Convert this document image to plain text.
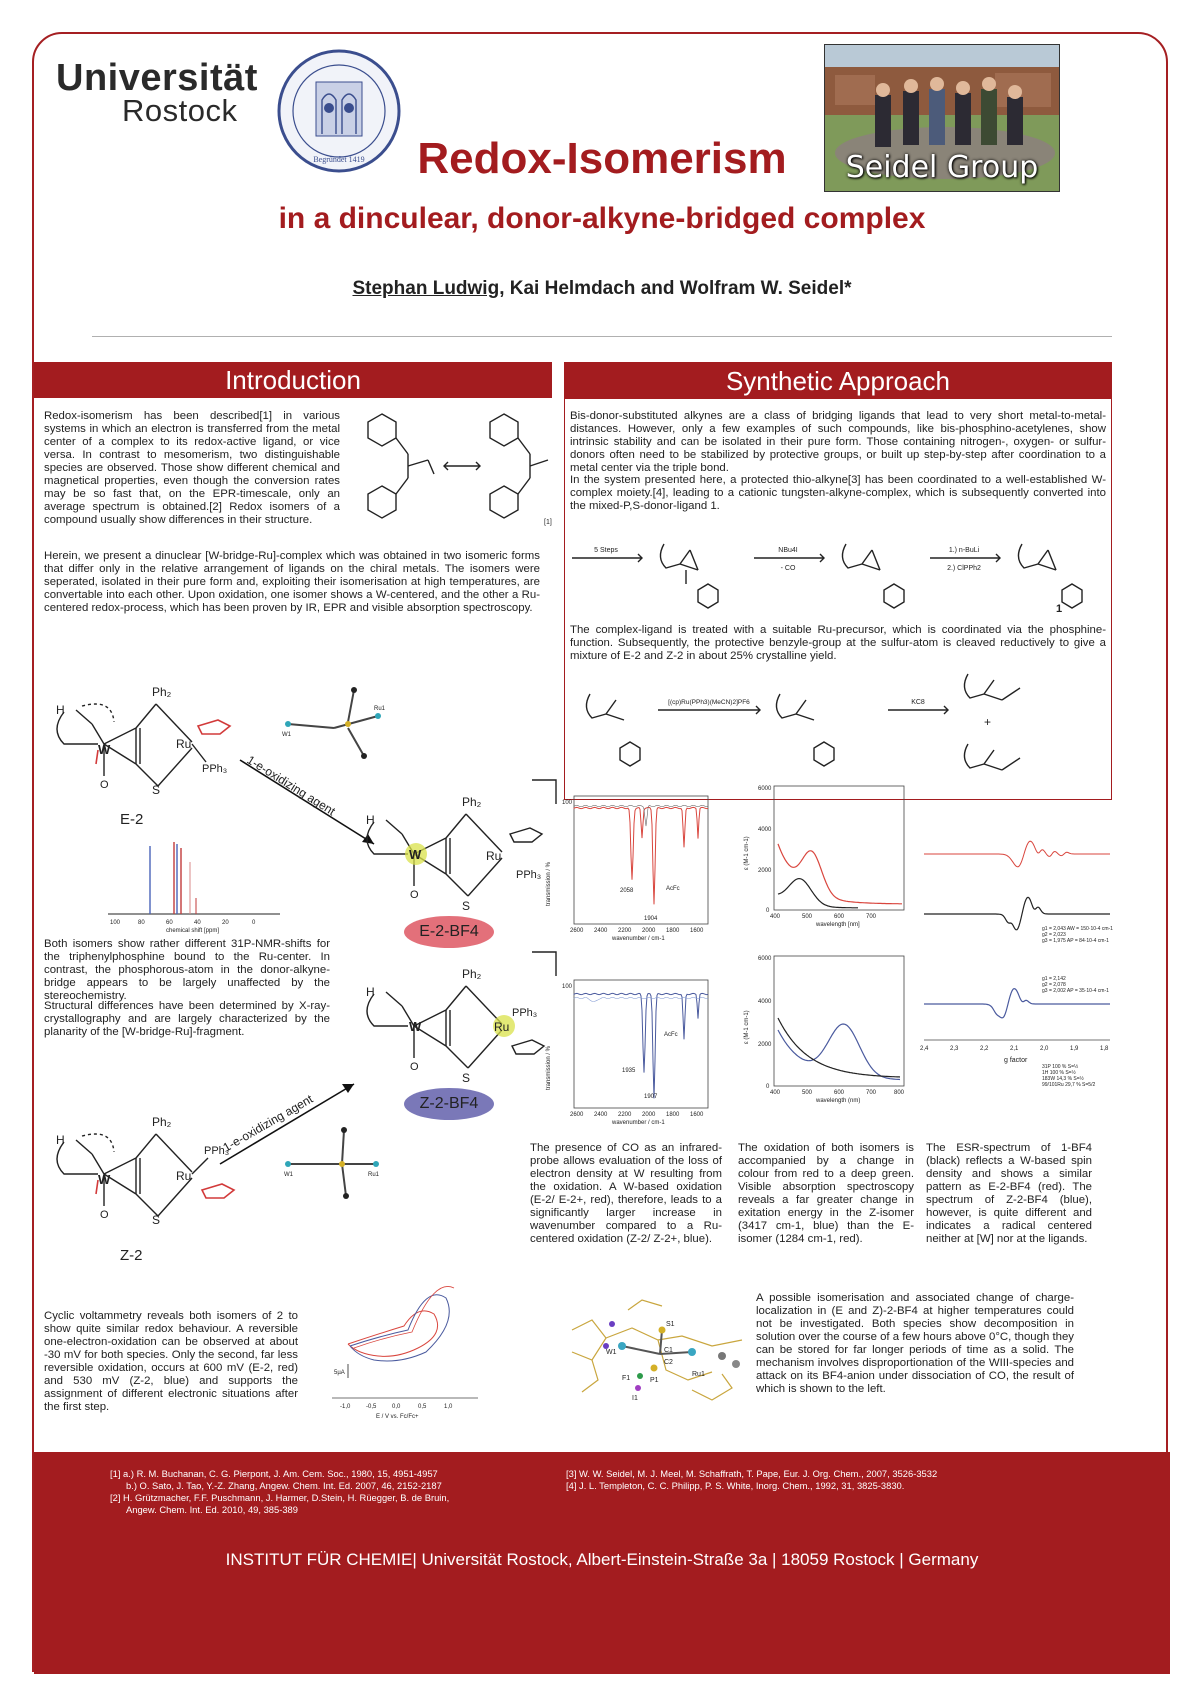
Universität
Rostock
Begründet 1419	Seidel Group
Redox-Isomerism
in a dinculear, donor-alkyne-bridged complex
Stephan Ludwig, Kai Helmdach and Wolfram W. Seidel*
Introduction
Redox-isomerism has been described[1] in various systems in which an electron is transferred from the metal center of a complex to its redox-active ligand, or vice versa. In contrast to mesomerism, two distinguishable species are observed. Those show different chemical and magnetical properties, even though the conversion rates may be so fast that, on the EPR-timescale, only an average spectrum is obtained.[2] Redox isomers of a compound usually show differences in their structure.
Herein, we present a dinuclear [W-bridge-Ru]-complex which was obtained in two isomeric forms that differ only in the relative arrangement of ligands on the chiral metals. The isomers were seperated, isolated in their pure form and, exploiting their isomerisation at high temperatures, are convertable into each other. Upon oxidation, one isomer shows a W-centered, and the other a Ru-centered redox-process, which has been proven by IR, EPR and visible absorption spectroscopy.
[1]
Synthetic Approach
Bis-donor-substituted alkynes are a class of bridging ligands that lead to very short metal-to-metal-distances. However, only a few examples of such compounds, like bis-phosphino-acetylenes, show intrinsic stability and can be isolated in their pure form. Those containing nitrogen-, oxygen- or sulfur-donors often need to be stabilized by protective groups, or built up step-by-step after coordination to a metal center via the triple bond.
In the system presented here, a protected thio-alkyne[3] has been coordinated to a well-established W-complex moiety.[4], leading to a cationic tungsten-alkyne-complex, which is subsequently converted into the mixed-P,S-donor-ligand 1.
5 Steps	NBu4I
- CO
1.) n-BuLi
2.) ClPPh2
1
The complex-ligand is treated with a suitable Ru-precursor, which is coordinated via the phosphine-function. Subsequently, the protective benzyle-group at the sulfur-atom is cleaved reductively to give a mixture of E-2 and Z-2 in about 25% crystalline yield.
[(cp)Ru(PPh3)(MeCN)2]PF6	KC8
+
H
Ph₂
Ru
PPh₃
S
W
O
E-2
W1
Ru1
1-e-oxidizing agent
1-e-oxidizing agent
H
Ph₂
Ru
PPh₃
S
W
O
E-2-BF4
100	80	60	40	20	0
chemical shift [ppm]
Both isomers show rather different 31P-NMR-shifts for the triphenylphosphine bound to the Ru-center. In contrast, the phosphorous-atom in the donor-alkyne-bridge appears to be largely unaffected by the stereochemistry.
Structural differences have been determined by X-ray-crystallography and are largely characterized by the planarity of the [W-bridge-Ru]-fragment.
H
Ph₂
Ru
PPh₃
S
W
O
Z-2-BF4
H
Ph₂
Ru
PPh₃
S
W
O
Z-2
W1	Ru1
100
100
transmission / %
transmission / %
2058
1904
AcFc
1935
1907
AcFc
2600 2400 2200 2000 1800 1600
2600 2400 2200 2000 1800 1600
wavenumber / cm-1
wavenumber / cm-1
6000
4000
2000
0
6000
4000
2000
0
400	500	600	700
400	500	600	700	800
ε (M-1 cm-1)
ε (M-1 cm-1)
wavelength [nm]
wavelength (nm)
2,4	2,3	2,2	2,1	2,0	1,9	1,8
g factor
g1 = 2,043 AW = 150·10-4 cm-1
g2 = 2,023
g3 = 1,975 AP = 84·10-4 cm-1
g1 = 2,142
g2 = 2,078
g3 = 2,002 AP = 35·10-4 cm-1
31P 100 % S=½
1H 100 % S=½
183W 14,3 % S=½
99/101Ru 29,7 % S=5/2
The presence of CO as an infrared-probe allows evaluation of the loss of electron density at W resulting from the oxidation. A W-based oxidation (E-2/ E-2+, red), therefore, leads to a significantly larger increase in wavenumber compared to a Ru-centered oxidation (Z-2/ Z-2+, blue).
The oxidation of both isomers is accompanied by a change in colour from red to a deep green. Visible absorption spectroscopy reveals a far greater change in exitation energy in the Z-isomer (3417 cm-1, blue) than the E-isomer (1284 cm-1, red).
The ESR-spectrum of 1-BF4 (black) reflects a W-based spin density and shows a similar pattern as E-2-BF4 (red). The spectrum of Z-2-BF4 (blue), however, is quite different and indicates a radical centered neither at [W] nor at the ligands.
Cyclic voltammetry reveals both isomers of 2 to show quite similar redox behaviour. A reversible one-electron-oxidation can be observed at about -30 mV for both species. Only the second, far less reversible oxidation, occurs at 600 mV (E-2, red) and 530 mV (Z-2, blue) and supports the assignment of different electronic situations after the first step.
5µA
-1,0	-0,5	0,0	0,5	1,0
E / V vs. Fc/Fc+
S1
W1	C1
C2
F1	P1
Ru1
I1
A possible isomerisation and associated change of charge-localization in (E and Z)-2-BF4 at higher temperatures could not be investigated. Both species show decomposition in solution over the course of a few hours above 0°C, though they can be stored for far longer periods of time as a solid. The mechanism involves disproportionation of the WIII-species and attack on its BF4-anion under dissociation of CO, the result of which is shown to the left.
[1] a.) R. M. Buchanan, C. G. Pierpont, J. Am. Cem. Soc., 1980, 15, 4951-4957
b.) O. Sato, J. Tao, Y.-Z. Zhang, Angew. Chem. Int. Ed. 2007, 46, 2152-2187
[2] H. Grützmacher, F.F. Puschmann, J. Harmer, D.Stein, H. Rüegger, B. de Bruin,
Angew. Chem. Int. Ed. 2010, 49, 385-389
[3] W. W. Seidel, M. J. Meel, M. Schaffrath, T. Pape, Eur. J. Org. Chem., 2007, 3526-3532
[4] J. L. Templeton, C. C. Philipp, P. S. White, Inorg. Chem., 1992, 31, 3825-3830.
INSTITUT FÜR CHEMIE| Universität Rostock, Albert-Einstein-Straße 3a | 18059 Rostock | Germany
